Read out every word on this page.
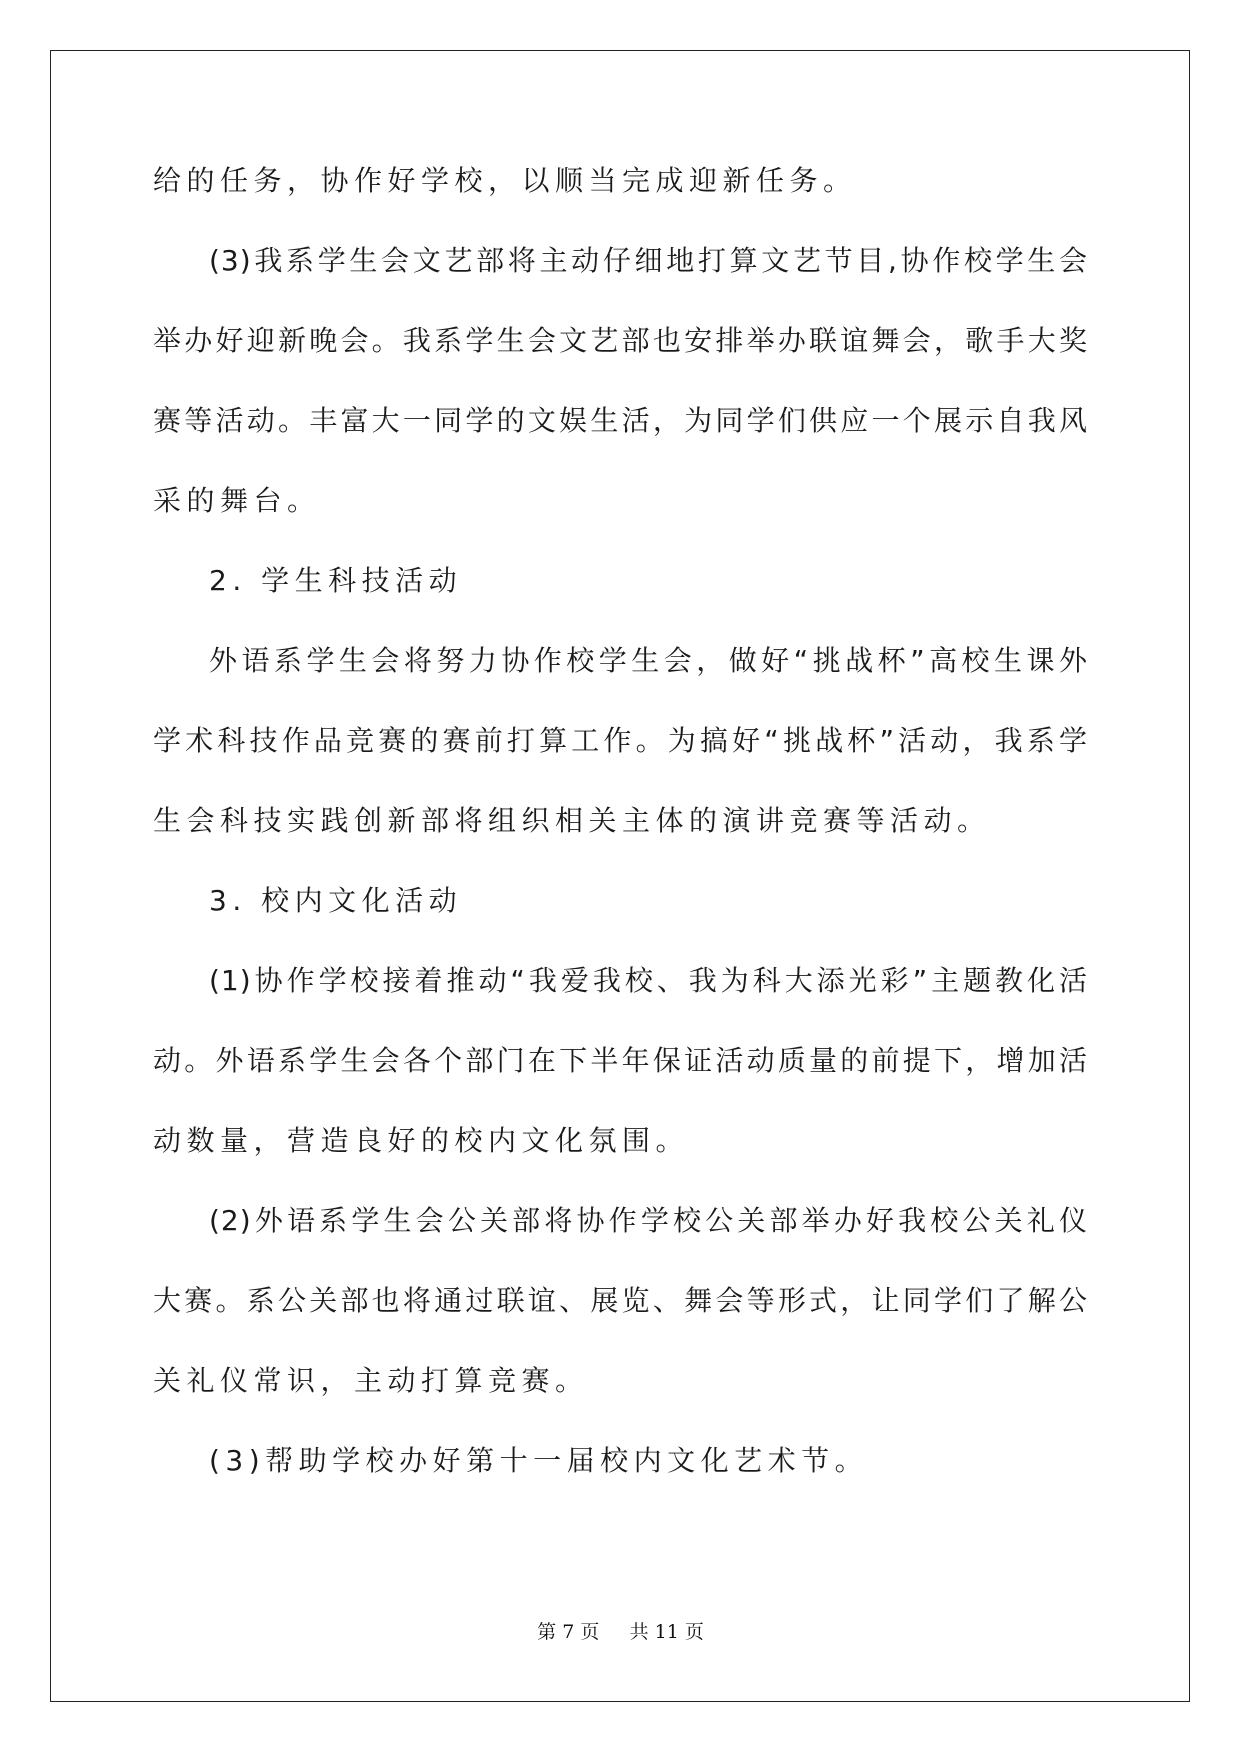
给的任务，协作好学校，以顺当完成迎新任务。
(3)我系学生会文艺部将主动仔细地打算文艺节目,协作校学生会
举办好迎新晚会。我系学生会文艺部也安排举办联谊舞会，歌手大奖
赛等活动。丰富大一同学的文娱生活，为同学们供应一个展示自我风
采的舞台。
2. 学生科技活动
外语系学生会将努力协作校学生会，做好“挑战杯”高校生课外
学术科技作品竞赛的赛前打算工作。为搞好“挑战杯”活动，我系学
生会科技实践创新部将组织相关主体的演讲竞赛等活动。
3. 校内文化活动
(1)协作学校接着推动“我爱我校、我为科大添光彩”主题教化活
动。外语系学生会各个部门在下半年保证活动质量的前提下，增加活
动数量，营造良好的校内文化氛围。
(2)外语系学生会公关部将协作学校公关部举办好我校公关礼仪
大赛。系公关部也将通过联谊、展览、舞会等形式，让同学们了解公
关礼仪常识，主动打算竞赛。
(3)帮助学校办好第十一届校内文化艺术节。
第 7 页 共 11 页
